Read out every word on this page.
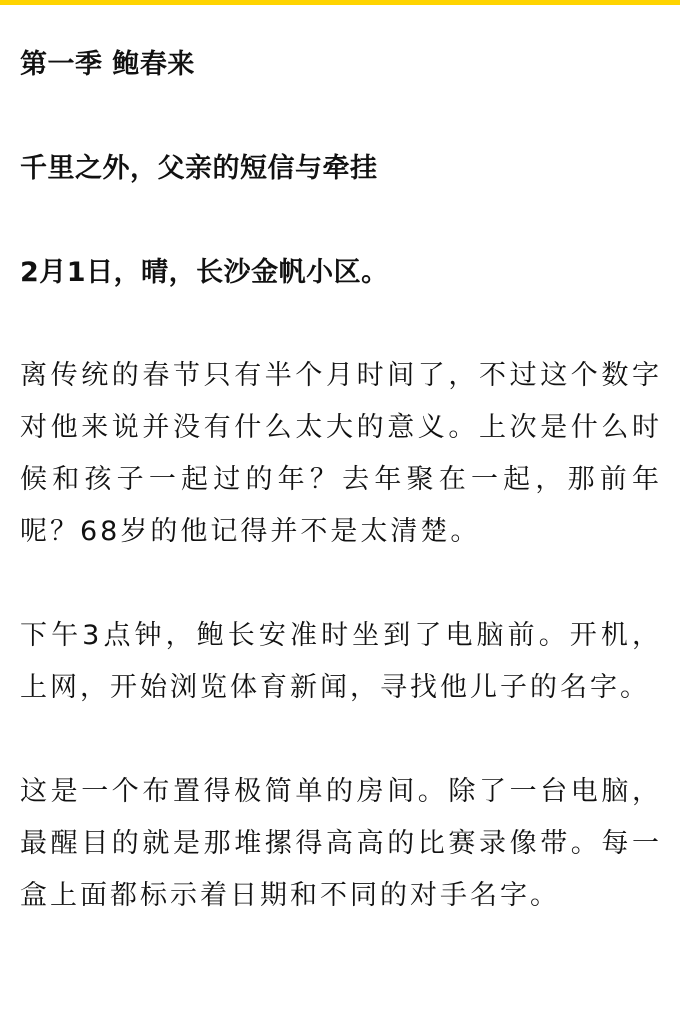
第一季 鲍春来
千里之外，父亲的短信与牵挂
2月1日，晴，长沙金帆小区。

离传统的春节只有半个月时间了，不过这个数字对他来说并没有什么太大的意义。上次是什么时候和孩子一起过的年？去年聚在一起，那前年呢？68岁的他记得并不是太清楚。

下午3点钟，鲍长安准时坐到了电脑前。开机，上网，开始浏览体育新闻，寻找他儿子的名字。

这是一个布置得极简单的房间。除了一台电脑，最醒目的就是那堆摞得高高的比赛录像带。每一盒上面都标示着日期和不同的对手名字。
